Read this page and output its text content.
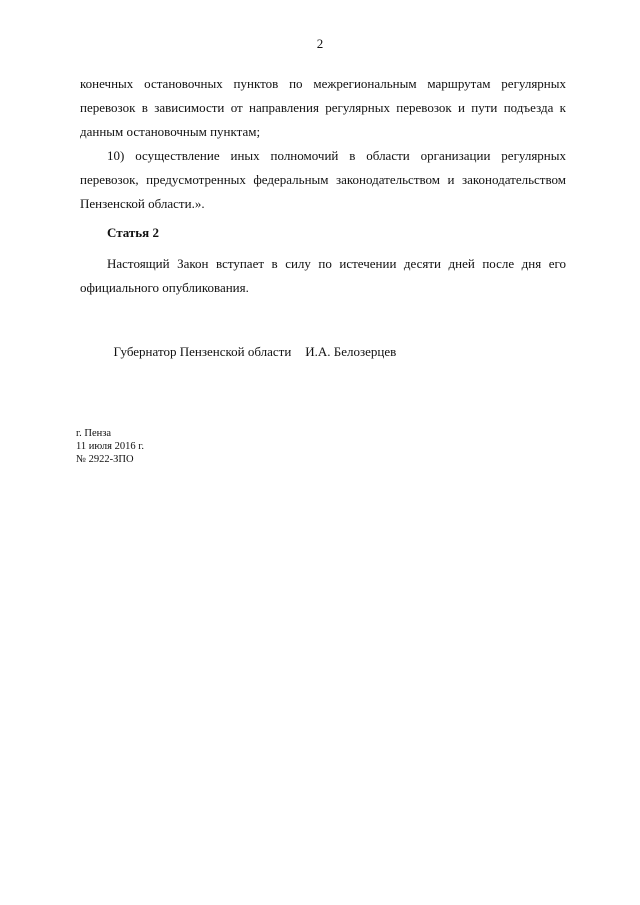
2

конечных остановочных пунктов по межрегиональным маршрутам регулярных перевозок в зависимости от направления регулярных перевозок и пути подъезда к данным остановочным пунктам;

10) осуществление иных полномочий в области организации регулярных перевозок, предусмотренных федеральным законодательством и законодательством Пензенской области.».

Статья 2

Настоящий Закон вступает в силу по истечении десяти дней после дня его официального опубликования.

Губернатор Пензенской области И.А. Белозерцев

г. Пенза
11 июля 2016 г.
№ 2922-ЗПО
